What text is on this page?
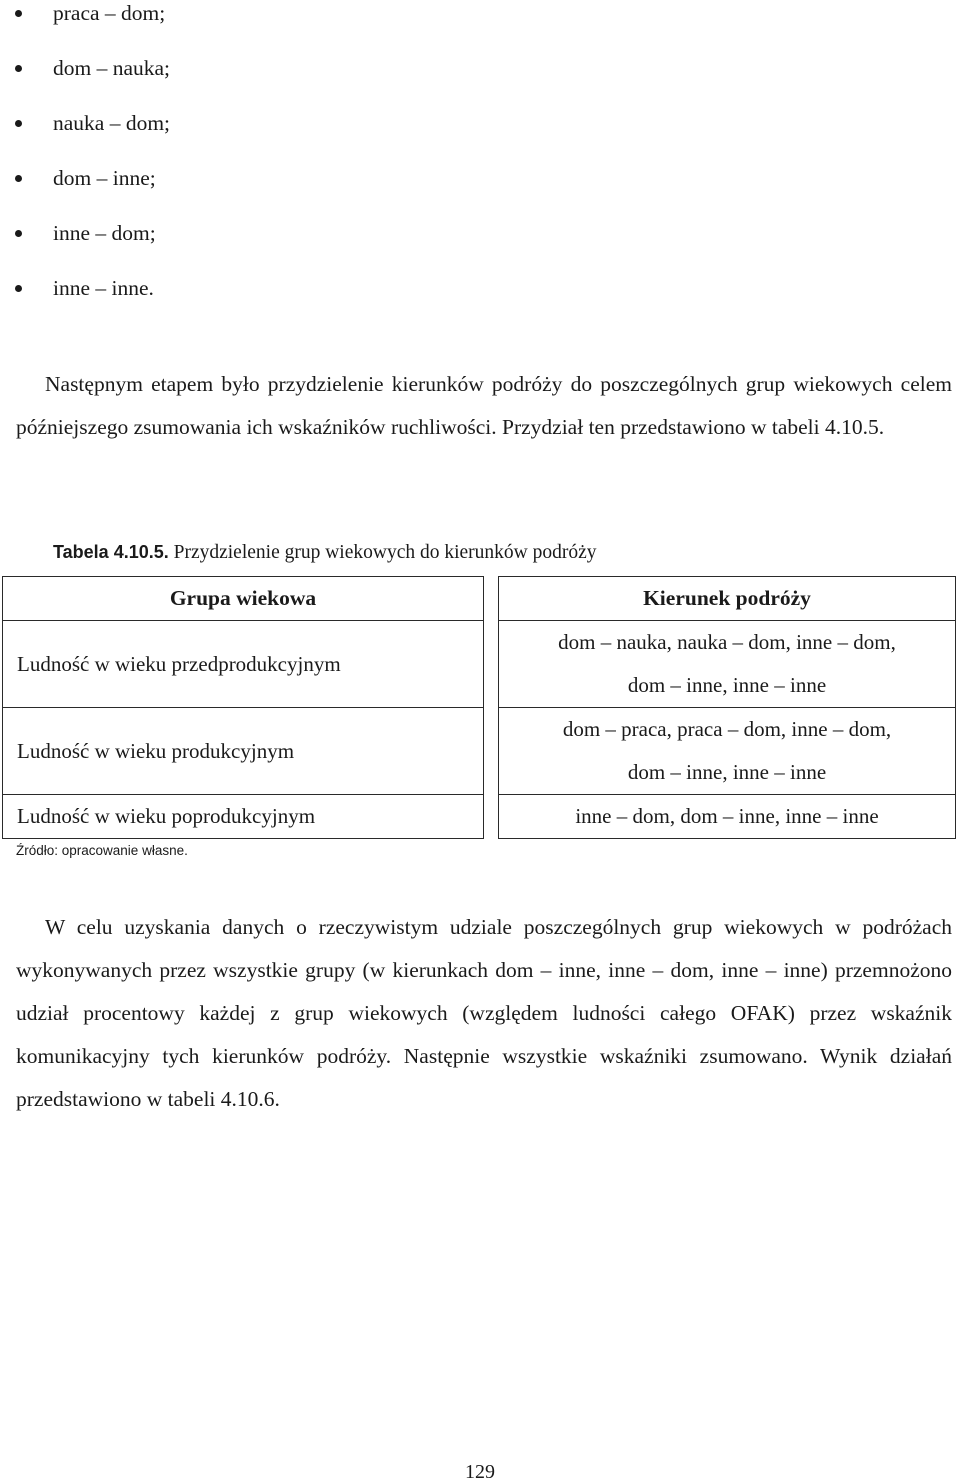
praca – dom;
dom – nauka;
nauka – dom;
dom – inne;
inne – dom;
inne – inne.

Następnym etapem było przydzielenie kierunków podróży do poszczególnych grup wiekowych celem późniejszego zsumowania ich wskaźników ruchliwości. Przydział ten przedstawiono w tabeli 4.10.5.

Tabela 4.10.5. Przydzielenie grup wiekowych do kierunków podróży

Grupa wiekowa		Kierunek podróży
Ludność w wieku przedprodukcyjnym		dom – nauka, nauka – dom, inne – dom,
dom – inne, inne – inne

Ludność w wieku produkcyjnym		dom – praca, praca – dom, inne – dom,
dom – inne, inne – inne

Ludność w wieku poprodukcyjnym		inne – dom, dom – inne, inne – inne

Źródło: opracowanie własne.

W celu uzyskania danych o rzeczywistym udziale poszczególnych grup wiekowych w podróżach wykonywanych przez wszystkie grupy (w kierunkach dom – inne, inne – dom, inne – inne) przemnożono udział procentowy każdej z grup wiekowych (względem ludności całego OFAK) przez wskaźnik komunikacyjny tych kierunków podróży. Następnie wszystkie wskaźniki zsumowano. Wynik działań przedstawiono w tabeli 4.10.6.

129
